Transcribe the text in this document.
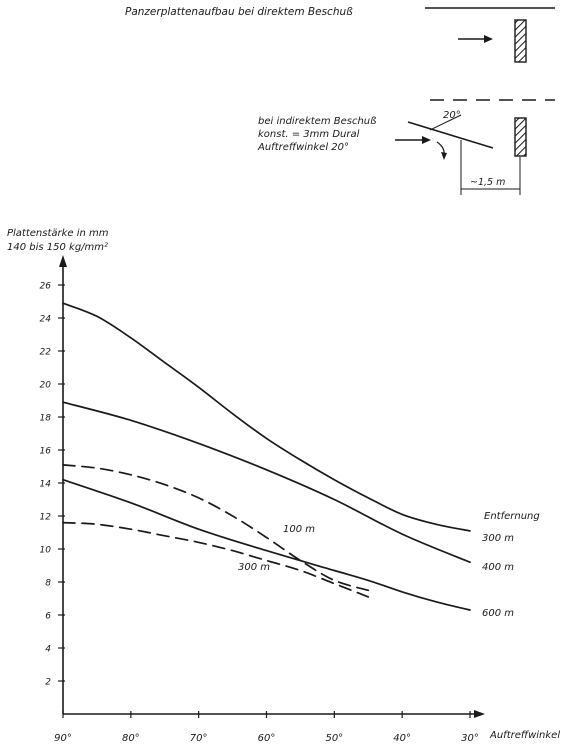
Panzerplattenaufbau bei direktem Beschuß
bei indirektem Beschuß
konst. = 3mm Dural
Auftreffwinkel 20°
20°
~1,5 m
Plattenstärke in mm
140 bis 150 kg/mm²
Auftreffwinkel
2
4
6
8
10
12
14
16
18
20
22
24
26
90°	80°	70°	60°	50°	40°	30°
Entfernung
300 m
400 m
600 m
100 m
300 m
